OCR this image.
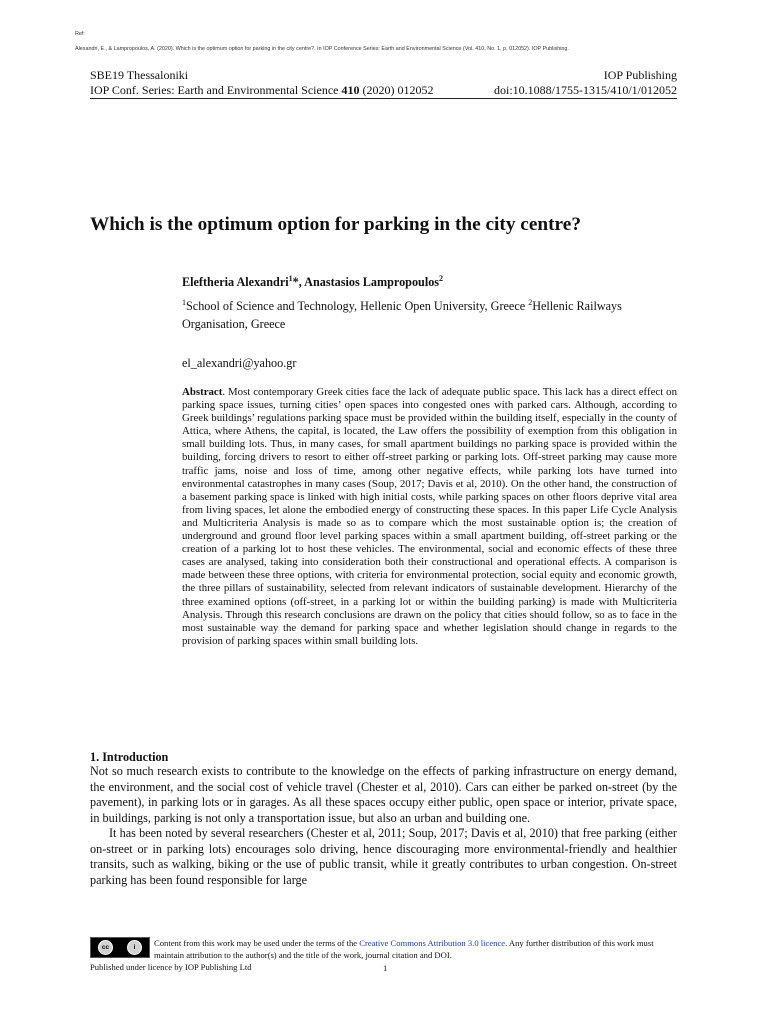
Ref:
Alexandri, E., & Lampropoulos, A. (2020). Which is the optimum option for parking in the city centre?. In IOP Conference Series: Earth and Environmental Science (Vol. 410, No. 1, p. 012052). IOP Publishing.
SBE19 Thessaloniki	IOP Publishing
IOP Conf. Series: Earth and Environmental Science 410 (2020) 012052	doi:10.1088/1755-1315/410/1/012052
Which is the optimum option for parking in the city centre?
Eleftheria Alexandri$^1$*, Anastasios Lampropoulos$^2$
$^1$School of Science and Technology, Hellenic Open University, Greece $^2$Hellenic Railways Organisation, Greece
el_alexandri@yahoo.gr
Abstract. Most contemporary Greek cities face the lack of adequate public space. This lack has a direct effect on parking space issues, turning cities’ open spaces into congested ones with parked cars. Although, according to Greek buildings’ regulations parking space must be provided within the building itself, especially in the county of Attica, where Athens, the capital, is located, the Law offers the possibility of exemption from this obligation in small building lots. Thus, in many cases, for small apartment buildings no parking space is provided within the building, forcing drivers to resort to either off-street parking or parking lots. Off-street parking may cause more traffic jams, noise and loss of time, among other negative effects, while parking lots have turned into environmental catastrophes in many cases (Soup, 2017; Davis et al, 2010). On the other hand, the construction of a basement parking space is linked with high initial costs, while parking spaces on other floors deprive vital area from living spaces, let alone the embodied energy of constructing these spaces. In this paper Life Cycle Analysis and Multicriteria Analysis is made so as to compare which the most sustainable option is; the creation of underground and ground floor level parking spaces within a small apartment building, off-street parking or the creation of a parking lot to host these vehicles. The environmental, social and economic effects of these three cases are analysed, taking into consideration both their constructional and operational effects. A comparison is made between these three options, with criteria for environmental protection, social equity and economic growth, the three pillars of sustainability, selected from relevant indicators of sustainable development. Hierarchy of the three examined options (off-street, in a parking lot or within the building parking) is made with Multicriteria Analysis. Through this research conclusions are drawn on the policy that cities should follow, so as to face in the most sustainable way the demand for parking space and whether legislation should change in regards to the provision of parking spaces within small building lots.
1. Introduction

Not so much research exists to contribute to the knowledge on the effects of parking infrastructure on energy demand, the environment, and the social cost of vehicle travel (Chester et al, 2010). Cars can either be parked on-street (by the pavement), in parking lots or in garages. As all these spaces occupy either public, open space or interior, private space, in buildings, parking is not only a transportation issue, but also an urban and building one.

It has been noted by several researchers (Chester et al, 2011; Soup, 2017; Davis et al, 2010) that free parking (either on-street or in parking lots) encourages solo driving, hence discouraging more environmental-friendly and healthier transits, such as walking, biking or the use of public transit, while it greatly contributes to urban congestion. On-street parking has been found responsible for large

cc	i	Content from this work may be used under the terms of the Creative Commons Attribution 3.0 licence. Any further distribution of this work must maintain attribution to the author(s) and the title of the work, journal citation and DOI.
Published under licence by IOP Publishing Ltd	1
